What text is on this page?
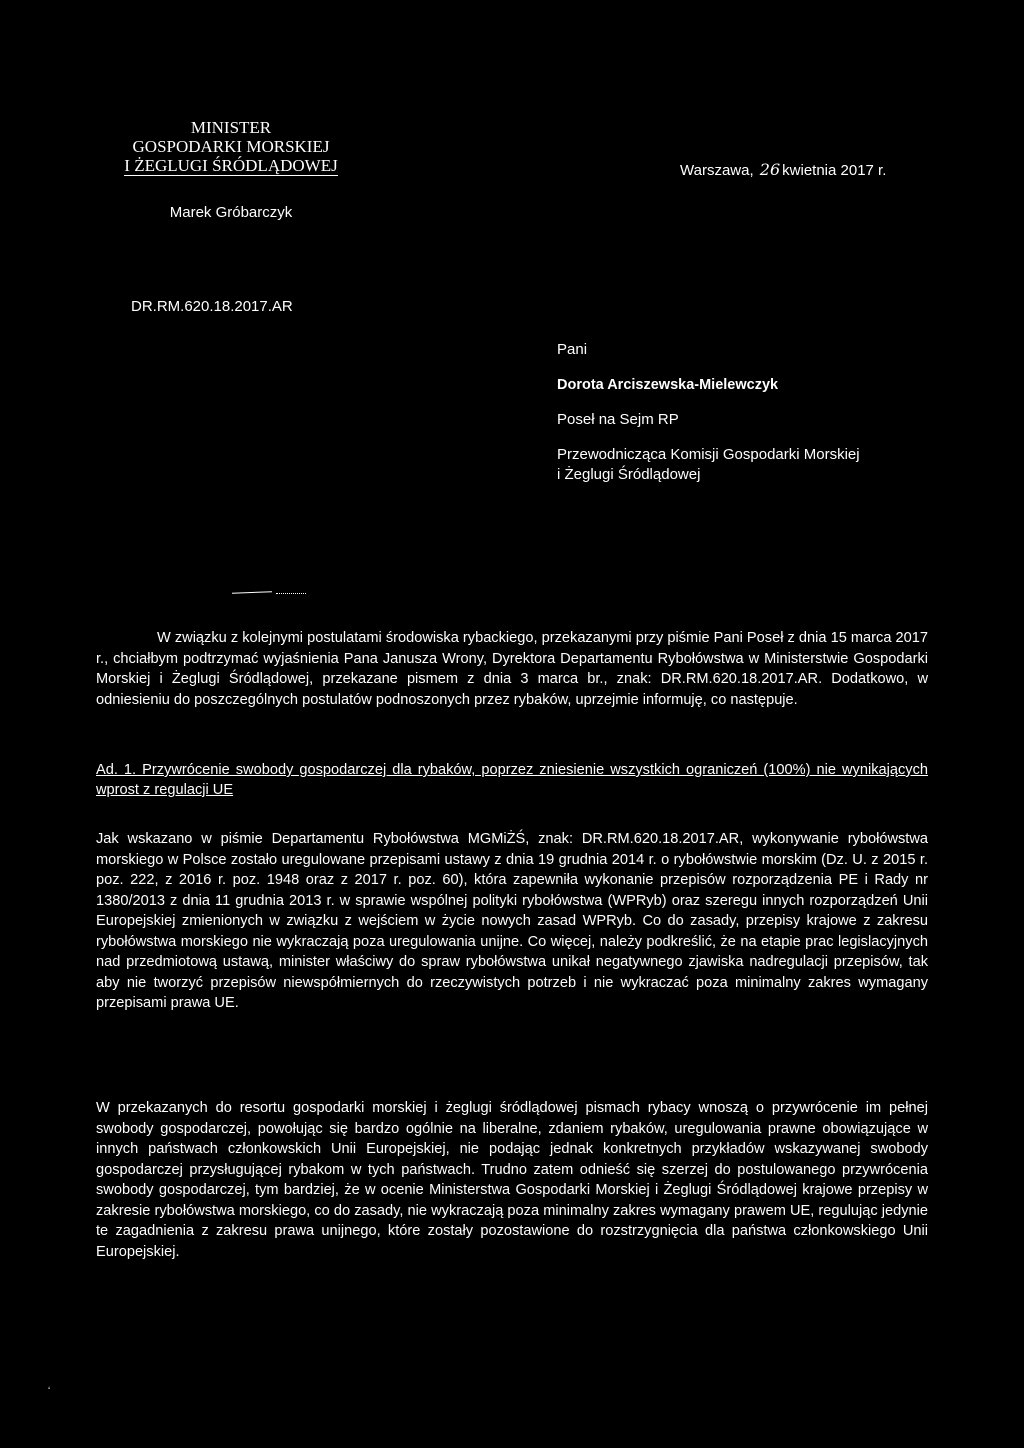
MINISTER
GOSPODARKI MORSKIEJ
I ŻEGLUGI ŚRÓDLĄDOWEJ
Marek Gróbarczyk
Warszawa, 26 kwietnia 2017 r.
DR.RM.620.18.2017.AR
Pani
Dorota Arciszewska-Mielewczyk
Poseł na Sejm RP
Przewodnicząca Komisji Gospodarki Morskiej
i Żeglugi Śródlądowej

W związku z kolejnymi postulatami środowiska rybackiego, przekazanymi przy piśmie Pani Poseł z dnia 15 marca 2017 r., chciałbym podtrzymać wyjaśnienia Pana Janusza Wrony, Dyrektora Departamentu Rybołówstwa w Ministerstwie Gospodarki Morskiej i Żeglugi Śródlądowej, przekazane pismem z dnia 3 marca br., znak: DR.RM.620.18.2017.AR. Dodatkowo, w odniesieniu do poszczególnych postulatów podnoszonych przez rybaków, uprzejmie informuję, co następuje.

Ad. 1. Przywrócenie swobody gospodarczej dla rybaków, poprzez zniesienie wszystkich ograniczeń (100%) nie wynikających wprost z regulacji UE

Jak wskazano w piśmie Departamentu Rybołówstwa MGMiŻŚ, znak: DR.RM.620.18.2017.AR, wykonywanie rybołówstwa morskiego w Polsce zostało uregulowane przepisami ustawy z dnia 19 grudnia 2014 r. o rybołówstwie morskim (Dz. U. z 2015 r. poz. 222, z 2016 r. poz. 1948 oraz z 2017 r. poz. 60), która zapewniła wykonanie przepisów rozporządzenia PE i Rady nr 1380/2013 z dnia 11 grudnia 2013 r. w sprawie wspólnej polityki rybołówstwa (WPRyb) oraz szeregu innych rozporządzeń Unii Europejskiej zmienionych w związku z wejściem w życie nowych zasad WPRyb. Co do zasady, przepisy krajowe z zakresu rybołówstwa morskiego nie wykraczają poza uregulowania unijne. Co więcej, należy podkreślić, że na etapie prac legislacyjnych nad przedmiotową ustawą, minister właściwy do spraw rybołówstwa unikał negatywnego zjawiska nadregulacji przepisów, tak aby nie tworzyć przepisów niewspółmiernych do rzeczywistych potrzeb i nie wykraczać poza minimalny zakres wymagany przepisami prawa UE.

W przekazanych do resortu gospodarki morskiej i żeglugi śródlądowej pismach rybacy wnoszą o przywrócenie im pełnej swobody gospodarczej, powołując się bardzo ogólnie na liberalne, zdaniem rybaków, uregulowania prawne obowiązujące w innych państwach członkowskich Unii Europejskiej, nie podając jednak konkretnych przykładów wskazywanej swobody gospodarczej przysługującej rybakom w tych państwach. Trudno zatem odnieść się szerzej do postulowanego przywrócenia swobody gospodarczej, tym bardziej, że w ocenie Ministerstwa Gospodarki Morskiej i Żeglugi Śródlądowej krajowe przepisy w zakresie rybołówstwa morskiego, co do zasady, nie wykraczają poza minimalny zakres wymagany prawem UE, regulując jedynie te zagadnienia z zakresu prawa unijnego, które zostały pozostawione do rozstrzygnięcia dla państwa członkowskiego Unii Europejskiej.

ʻ
